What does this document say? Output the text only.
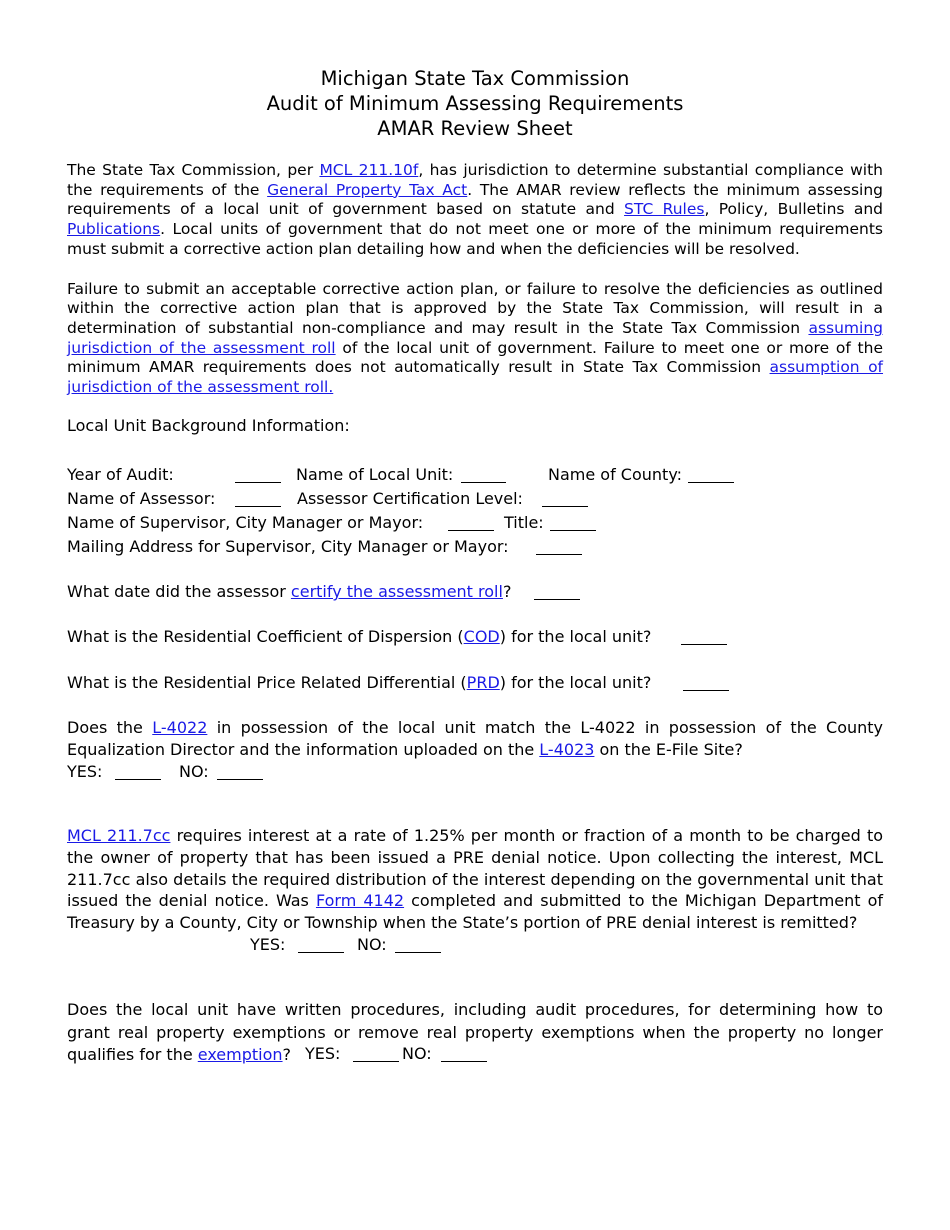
Michigan State Tax Commission
Audit of Minimum Assessing Requirements
AMAR Review Sheet

The State Tax Commission, per MCL 211.10f, has jurisdiction to determine substantial compliance with the requirements of the General Property Tax Act. The AMAR review reflects the minimum assessing requirements of a local unit of government based on statute and STC Rules, Policy, Bulletins and Publications. Local units of government that do not meet one or more of the minimum requirements must submit a corrective action plan detailing how and when the deficiencies will be resolved.

Failure to submit an acceptable corrective action plan, or failure to resolve the deficiencies as outlined within the corrective action plan that is approved by the State Tax Commission, will result in a determination of substantial non-compliance and may result in the State Tax Commission assuming jurisdiction of the assessment roll of the local unit of government. Failure to meet one or more of the minimum AMAR requirements does not automatically result in State Tax Commission assumption of jurisdiction of the assessment roll.

Local Unit Background Information:
Year of Audit:	Name of Local Unit:	Name of County:
Name of Assessor:	Assessor Certification Level:
Name of Supervisor, City Manager or Mayor:	Title:
Mailing Address for Supervisor, City Manager or Mayor:
What date did the assessor certify the assessment roll?
What is the Residential Coefficient of Dispersion (COD) for the local unit?
What is the Residential Price Related Differential (PRD) for the local unit?

Does the L-4022 in possession of the local unit match the L-4022 in possession of the County Equalization Director and the information uploaded on the L-4023 on the E-File Site?

YES:	NO:

MCL 211.7cc requires interest at a rate of 1.25% per month or fraction of a month to be charged to the owner of property that has been issued a PRE denial notice. Upon collecting the interest, MCL 211.7cc also details the required distribution of the interest depending on the governmental unit that issued the denial notice. Was Form 4142 completed and submitted to the Michigan Department of Treasury by a County, City or Township when the State’s portion of PRE denial interest is remitted?

YES:	NO:

Does the local unit have written procedures, including audit procedures, for determining how to grant real property exemptions or remove real property exemptions when the property no longer qualifies for the exemption? YES:	NO:
